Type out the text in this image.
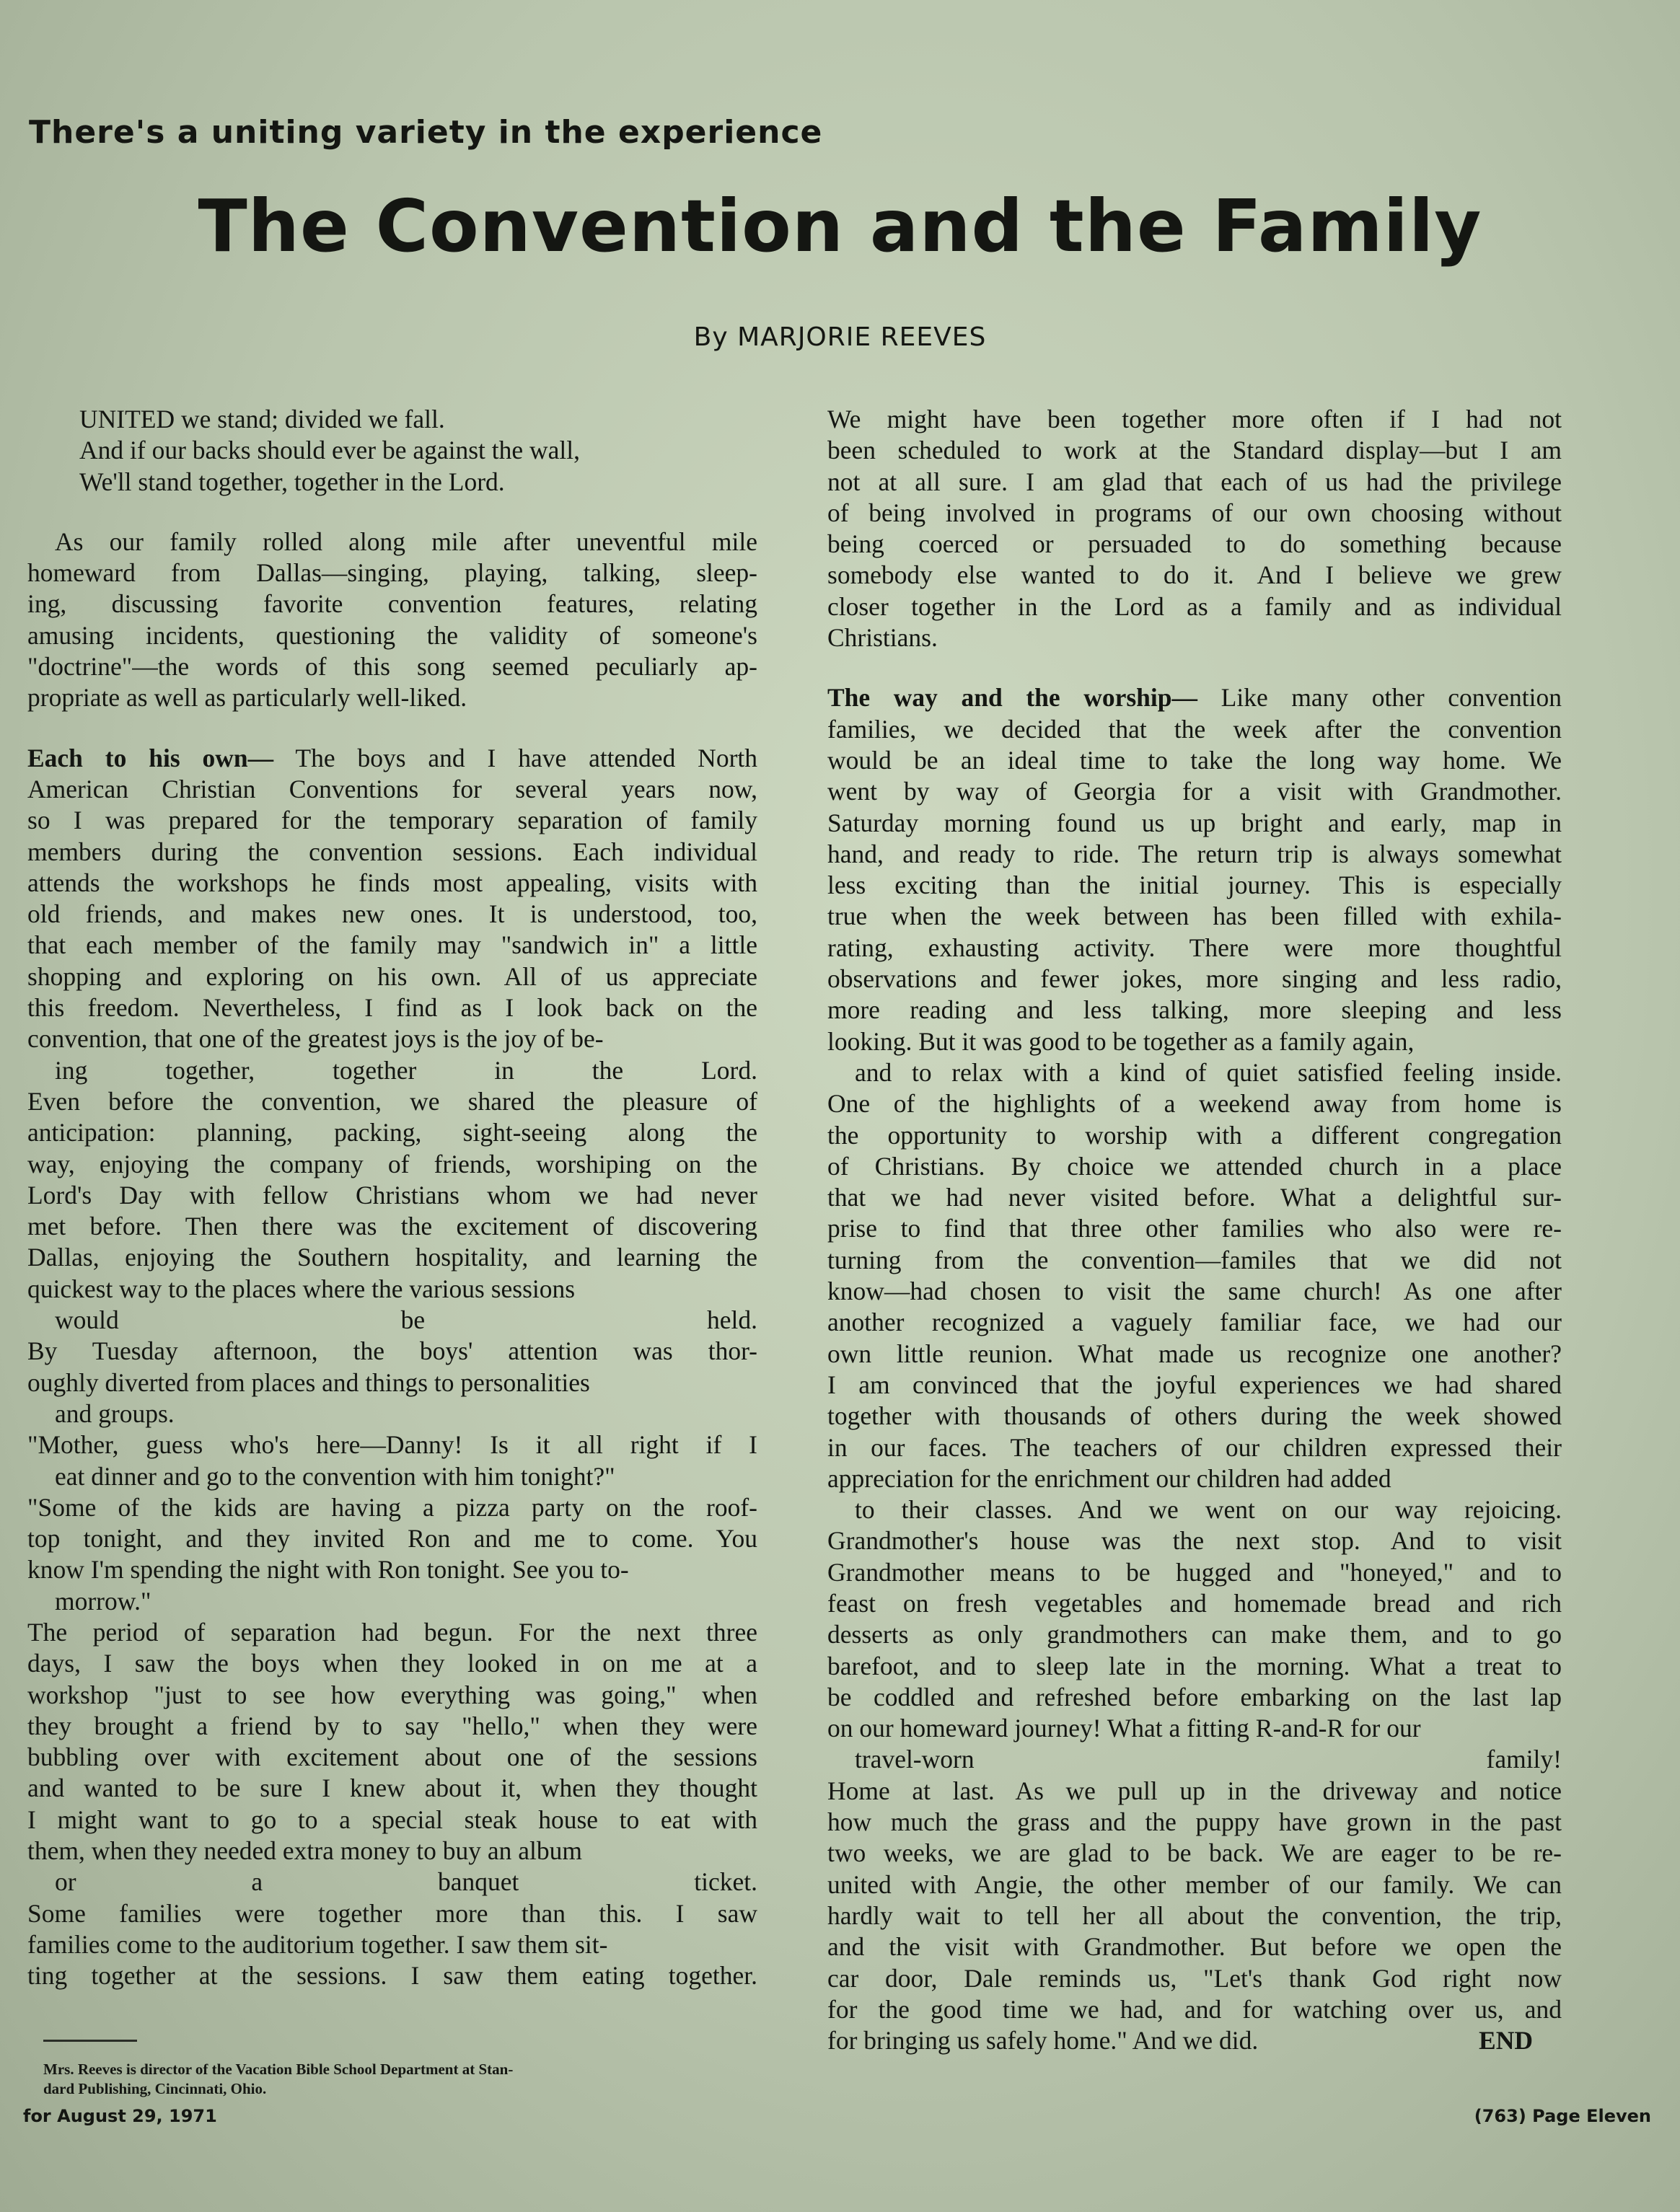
There's a uniting variety in the experience
The Convention and the Family
By MARJORIE REEVES
UNITED we stand; divided we fall.
And if our backs should ever be against the wall,
We'll stand together, together in the Lord.
As our family rolled along mile after uneventful mile
homeward from Dallas—singing, playing, talking, sleep-
ing, discussing favorite convention features, relating
amusing incidents, questioning the validity of someone's
"doctrine"—the words of this song seemed peculiarly ap-
propriate as well as particularly well-liked.
Each to his own— The boys and I have attended North
American Christian Conventions for several years now,
so I was prepared for the temporary separation of family
members during the convention sessions. Each individual
attends the workshops he finds most appealing, visits with
old friends, and makes new ones. It is understood, too,
that each member of the family may "sandwich in" a little
shopping and exploring on his own. All of us appreciate
this freedom. Nevertheless, I find as I look back on the
convention, that one of the greatest joys is the joy of be-
ing together, together in the Lord.
Even before the convention, we shared the pleasure of
anticipation: planning, packing, sight-seeing along the
way, enjoying the company of friends, worshiping on the
Lord's Day with fellow Christians whom we had never
met before. Then there was the excitement of discovering
Dallas, enjoying the Southern hospitality, and learning the
quickest way to the places where the various sessions
would be held.
By Tuesday afternoon, the boys' attention was thor-
oughly diverted from places and things to personalities
and groups.
"Mother, guess who's here—Danny! Is it all right if I
eat dinner and go to the convention with him tonight?"
"Some of the kids are having a pizza party on the roof-
top tonight, and they invited Ron and me to come. You
know I'm spending the night with Ron tonight. See you to-
morrow."
The period of separation had begun. For the next three
days, I saw the boys when they looked in on me at a
workshop "just to see how everything was going," when
they brought a friend by to say "hello," when they were
bubbling over with excitement about one of the sessions
and wanted to be sure I knew about it, when they thought
I might want to go to a special steak house to eat with
them, when they needed extra money to buy an album
or a banquet ticket.
Some families were together more than this. I saw
families come to the auditorium together. I saw them sit-
ting together at the sessions. I saw them eating together.
We might have been together more often if I had not
been scheduled to work at the Standard display—but I am
not at all sure. I am glad that each of us had the privilege
of being involved in programs of our own choosing without
being coerced or persuaded to do something because
somebody else wanted to do it. And I believe we grew
closer together in the Lord as a family and as individual
Christians.
The way and the worship— Like many other convention
families, we decided that the week after the convention
would be an ideal time to take the long way home. We
went by way of Georgia for a visit with Grandmother.
Saturday morning found us up bright and early, map in
hand, and ready to ride. The return trip is always somewhat
less exciting than the initial journey. This is especially
true when the week between has been filled with exhila-
rating, exhausting activity. There were more thoughtful
observations and fewer jokes, more singing and less radio,
more reading and less talking, more sleeping and less
looking. But it was good to be together as a family again,
and to relax with a kind of quiet satisfied feeling inside.
One of the highlights of a weekend away from home is
the opportunity to worship with a different congregation
of Christians. By choice we attended church in a place
that we had never visited before. What a delightful sur-
prise to find that three other families who also were re-
turning from the convention—familes that we did not
know—had chosen to visit the same church! As one after
another recognized a vaguely familiar face, we had our
own little reunion. What made us recognize one another?
I am convinced that the joyful experiences we had shared
together with thousands of others during the week showed
in our faces. The teachers of our children expressed their
appreciation for the enrichment our children had added
to their classes. And we went on our way rejoicing.
Grandmother's house was the next stop. And to visit
Grandmother means to be hugged and "honeyed," and to
feast on fresh vegetables and homemade bread and rich
desserts as only grandmothers can make them, and to go
barefoot, and to sleep late in the morning. What a treat to
be coddled and refreshed before embarking on the last lap
on our homeward journey! What a fitting R-and-R for our
travel-worn family!
Home at last. As we pull up in the driveway and notice
how much the grass and the puppy have grown in the past
two weeks, we are glad to be back. We are eager to be re-
united with Angie, the other member of our family. We can
hardly wait to tell her all about the convention, the trip,
and the visit with Grandmother. But before we open the
car door, Dale reminds us, "Let's thank God right now
for the good time we had, and for watching over us, and
for bringing us safely home." And we did.	END
Mrs. Reeves is director of the Vacation Bible School Department at Stan-
dard Publishing, Cincinnati, Ohio.
for August 29, 1971	(763) Page Eleven
